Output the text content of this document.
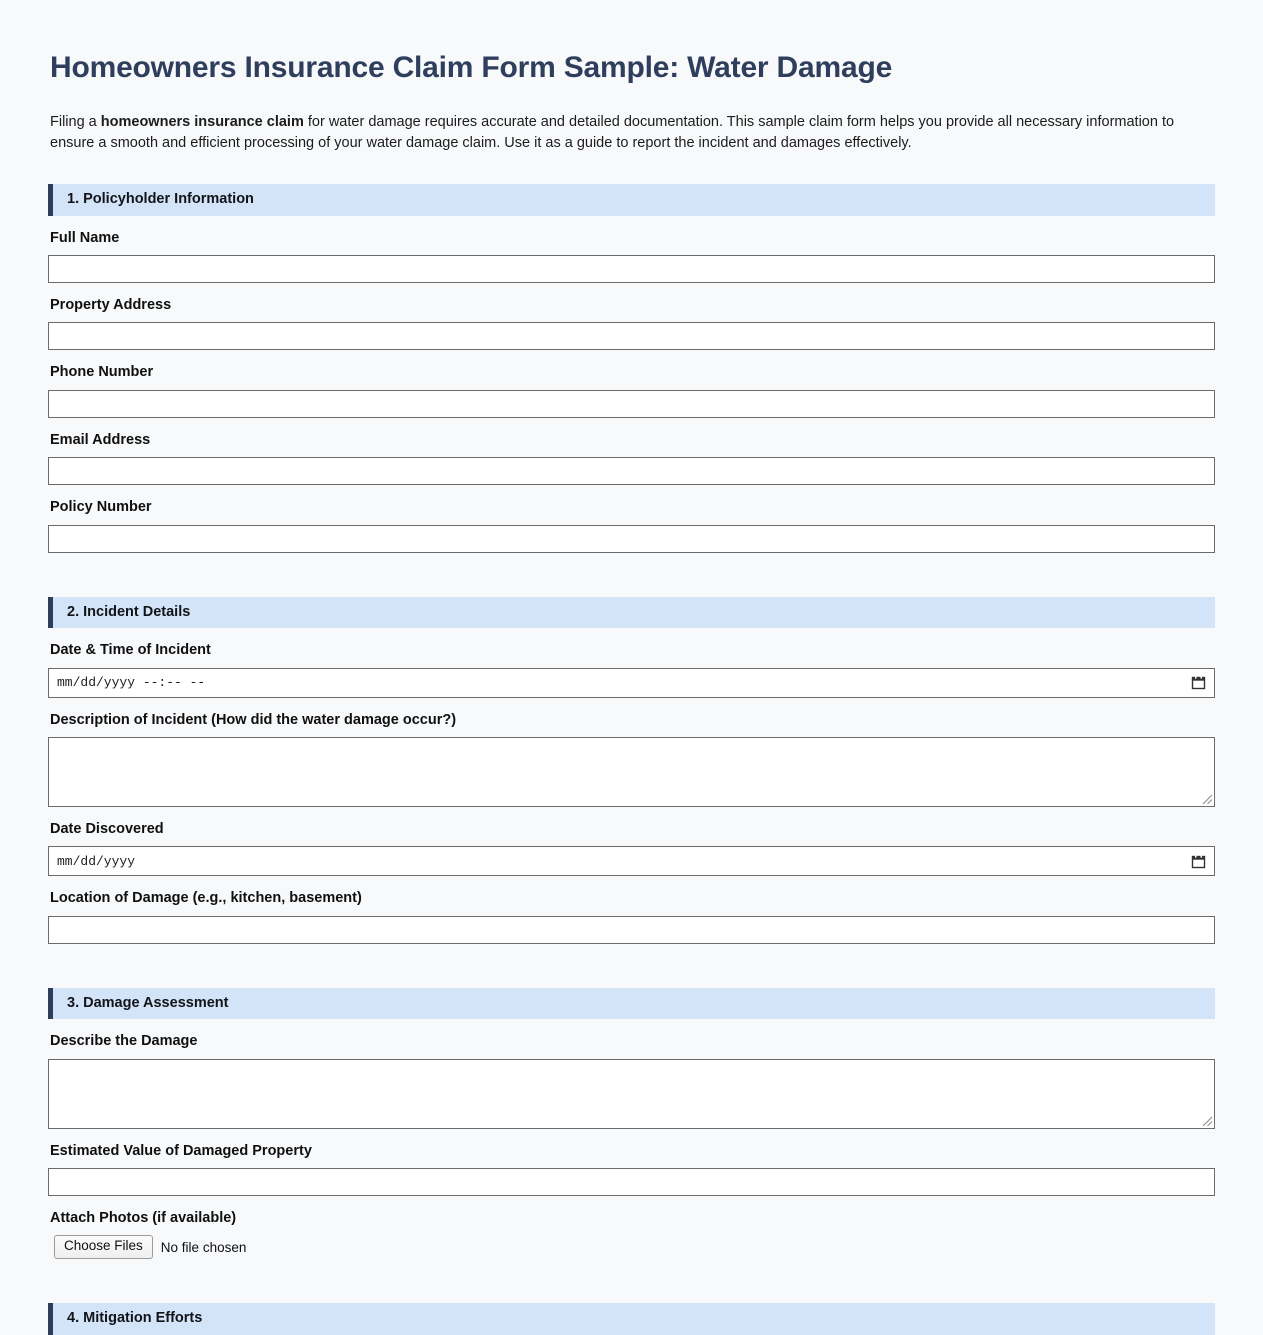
Homeowners Insurance Claim Form Sample: Water Damage

Filing a homeowners insurance claim for water damage requires accurate and detailed documentation. This sample claim form helps you provide all necessary information to ensure a smooth and efficient processing of your water damage claim. Use it as a guide to report the incident and damages effectively.

1. Policyholder Information
Full Name
Property Address
Phone Number
Email Address
Policy Number
2. Incident Details
Date & Time of Incident
mm/dd/yyyy --:-- --
Description of Incident (How did the water damage occur?)
Date Discovered
mm/dd/yyyy
Location of Damage (e.g., kitchen, basement)
3. Damage Assessment
Describe the Damage
Estimated Value of Damaged Property
Attach Photos (if available)
Choose Files	No file chosen
4. Mitigation Efforts
